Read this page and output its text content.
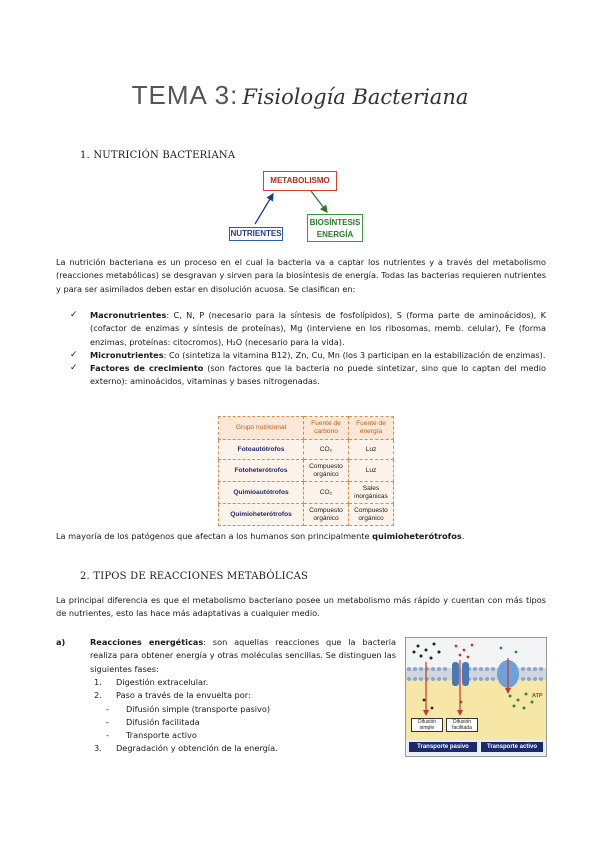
TEMA 3: Fisiología Bacteriana
1. NUTRICIÓN BACTERIANA
METABOLISMO
NUTRIENTES
BIOSÍNTESIS
ENERGÍA
La nutrición bacteriana es un proceso en el cual la bacteria va a captar los nutrientes y a través del metabolismo (reacciones metabólicas) se desgravan y sirven para la biosíntesis de energía. Todas las bacterias requieren nutrientes y para ser asimilados deben estar en disolución acuosa. Se clasifican en:
✓ Macronutrientes: C, N, P (necesario para la síntesis de fosfolípidos), S (forma parte de aminoácidos), K (cofactor de enzimas y síntesis de proteínas), Mg (interviene en los ribosomas, memb. celular), Fe (forma enzimas, proteínas: citocromos), H₂O (necesario para la vida).
✓ Micronutrientes: Co (sintetiza la vitamina B12), Zn, Cu, Mn (los 3 participan en la estabilización de enzimas).
✓ Factores de crecimiento (son factores que la bacteria no puede sintetizar, sino que lo captan del medio externo): aminoácidos, vitaminas y bases nitrogenadas.
Grupo nutricional	Fuente de carbono	Fuente de energía
Fotoautótrofos	CO₂	Luz
Fotoheterótrofos	Compuesto orgánico	Luz
Quimioautótrofos	CO₂	Sales inorgánicas
Quimioheterótrofos	Compuesto orgánico	Compuesto orgánico
La mayoría de los patógenos que afectan a los humanos son principalmente quimioheterótrofos.
2. TIPOS DE REACCIONES METABÓLICAS
La principal diferencia es que el metabolismo bacteriano posee un metabolismo más rápido y cuentan con más tipos de nutrientes, esto las hace más adaptativas a cualquier medio.
a)	Reacciones energéticas: son aquellas reacciones que la bacteria realiza para obtener energía y otras moléculas sencillas. Se distinguen las siguientes fases:
1. Digestión extracelular.
2. Paso a través de la envuelta por:
- Difusión simple (transporte pasivo)
- Difusión facilitada
- Transporte activo
3. Degradación y obtención de la energía.
ATP
Difusión
simple
Difusión
facilitada
Transporte pasivo	Transporte activo
